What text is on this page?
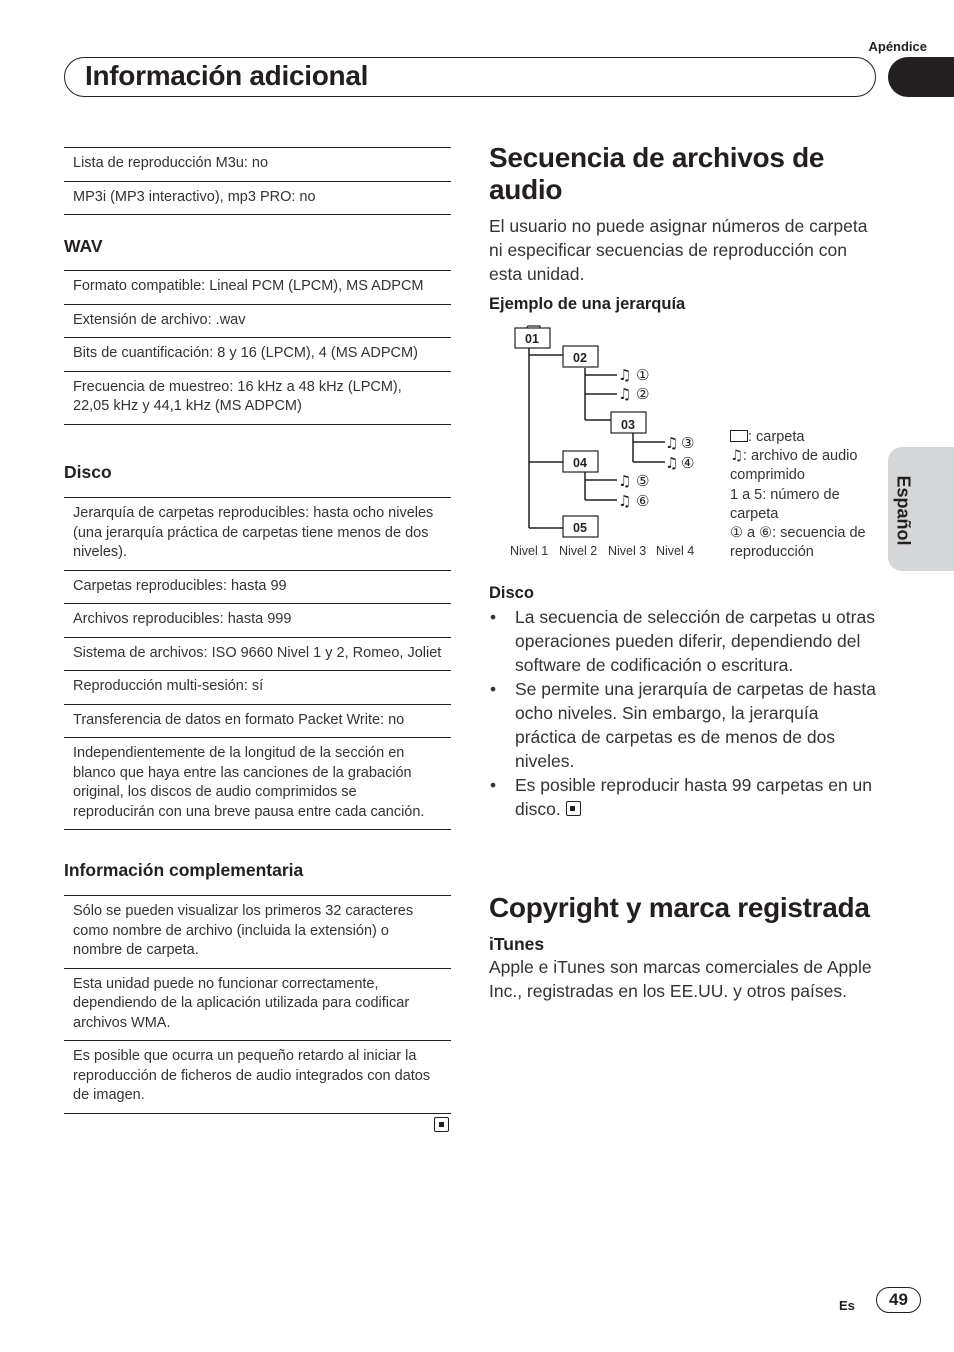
Apéndice
Información adicional
Lista de reproducción M3u: no
MP3i (MP3 interactivo), mp3 PRO: no
WAV
Formato compatible: Lineal PCM (LPCM), MS ADPCM
Extensión de archivo: .wav
Bits de cuantificación: 8 y 16 (LPCM), 4 (MS ADPCM)
Frecuencia de muestreo: 16 kHz a 48 kHz (LPCM), 22,05 kHz y 44,1 kHz (MS ADPCM)
Disco
Jerarquía de carpetas reproducibles: hasta ocho niveles (una jerarquía práctica de carpetas tiene menos de dos niveles).
Carpetas reproducibles: hasta 99
Archivos reproducibles: hasta 999
Sistema de archivos: ISO 9660 Nivel 1 y 2, Romeo, Joliet
Reproducción multi-sesión: sí
Transferencia de datos en formato Packet Write: no
Independientemente de la longitud de la sección en blanco que haya entre las canciones de la grabación original, los discos de audio comprimidos se reproducirán con una breve pausa entre cada canción.
Información complementaria
Sólo se pueden visualizar los primeros 32 caracteres como nombre de archivo (incluida la extensión) o nombre de carpeta.
Esta unidad puede no funcionar correctamente, dependiendo de la aplicación utilizada para codificar archivos WMA.
Es posible que ocurra un pequeño retardo al iniciar la reproducción de ficheros de audio integrados con datos de imagen.
Secuencia de archivos de audio
El usuario no puede asignar números de carpeta ni especificar secuencias de reproducción con esta unidad.
Ejemplo de una jerarquía
01
02
03
04
05
♫ ①
♫ ②
♫ ③
♫ ④
♫ ⑤
♫ ⑥
Nivel 1 Nivel 2 Nivel 3 Nivel 4
: carpeta
♫: archivo de audio comprimido
1 a 5: número de carpeta
① a ⑥: secuencia de reproducción
Disco
• La secuencia de selección de carpetas u otras operaciones pueden diferir, dependiendo del software de codificación o escritura.
• Se permite una jerarquía de carpetas de hasta ocho niveles. Sin embargo, la jerarquía práctica de carpetas es de menos de dos niveles.
• Es posible reproducir hasta 99 carpetas en un disco.
Copyright y marca registrada
iTunes
Apple e iTunes son marcas comerciales de Apple Inc., registradas en los EE.UU. y otros países.
Español
Es	49
